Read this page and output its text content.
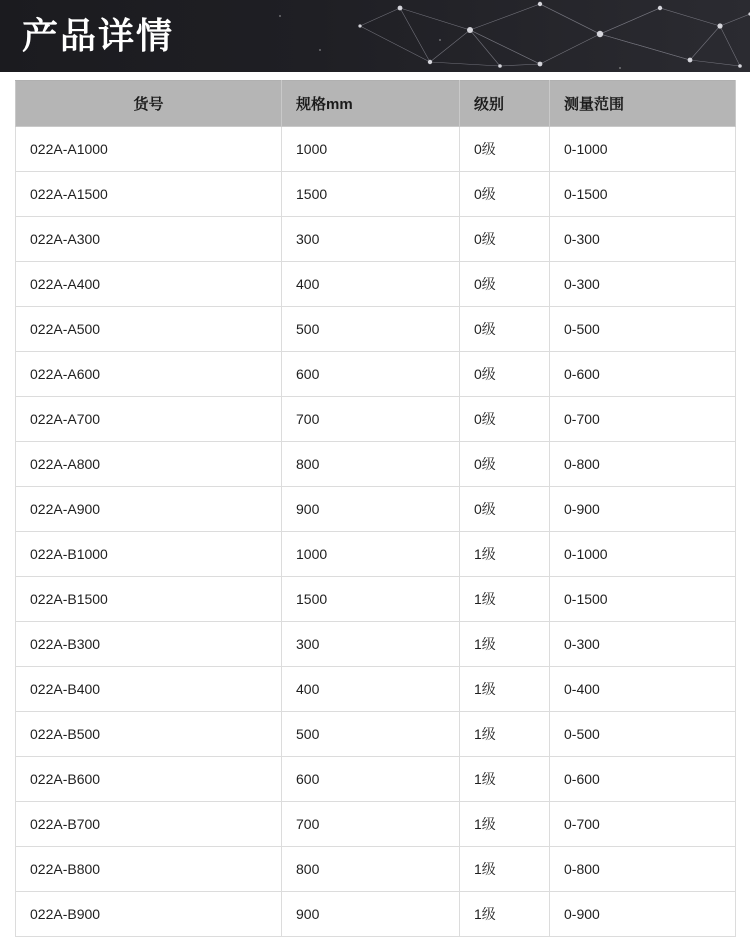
产品详情
货号	规格mm	级别	测量范围
022A-A1000	1000	0级	0-1000
022A-A1500	1500	0级	0-1500
022A-A300	300	0级	0-300
022A-A400	400	0级	0-300
022A-A500	500	0级	0-500
022A-A600	600	0级	0-600
022A-A700	700	0级	0-700
022A-A800	800	0级	0-800
022A-A900	900	0级	0-900
022A-B1000	1000	1级	0-1000
022A-B1500	1500	1级	0-1500
022A-B300	300	1级	0-300
022A-B400	400	1级	0-400
022A-B500	500	1级	0-500
022A-B600	600	1级	0-600
022A-B700	700	1级	0-700
022A-B800	800	1级	0-800
022A-B900	900	1级	0-900
